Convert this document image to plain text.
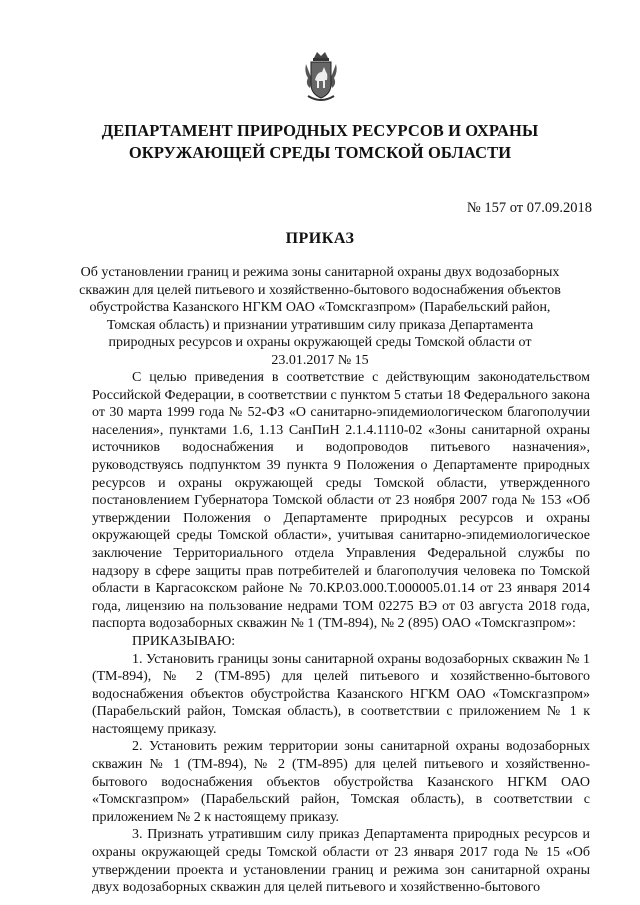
ДЕПАРТАМЕНТ ПРИРОДНЫХ РЕСУРСОВ И ОХРАНЫ ОКРУЖАЮЩЕЙ СРЕДЫ ТОМСКОЙ ОБЛАСТИ
№ 157 от 07.09.2018
ПРИКАЗ
Об установлении границ и режима зоны санитарной охраны двух водозаборных скважин для целей питьевого и хозяйственно-бытового водоснабжения объектов обустройства Казанского НГКМ ОАО «Томскгазпром» (Парабельский район, Томская область) и признании утратившим силу приказа Департамента природных ресурсов и охраны окружающей среды Томской области от 23.01.2017 № 15

С целью приведения в соответствие с действующим законодательством Российской Федерации, в соответствии с пунктом 5 статьи 18 Федерального закона от 30 марта 1999 года № 52-ФЗ «О санитарно-эпидемиологическом благополучии населения», пунктами 1.6, 1.13 СанПиН 2.1.4.1110-02 «Зоны санитарной охраны источников водоснабжения и водопроводов питьевого назначения», руководствуясь подпунктом 39 пункта 9 Положения о Департаменте природных ресурсов и охраны окружающей среды Томской области, утвержденного постановлением Губернатора Томской области от 23 ноября 2007 года № 153 «Об утверждении Положения о Департаменте природных ресурсов и охраны окружающей среды Томской области», учитывая санитарно-эпидемиологическое заключение Территориального отдела Управления Федеральной службы по надзору в сфере защиты прав потребителей и благополучия человека по Томской области в Каргасокском районе № 70.КР.03.000.Т.000005.01.14 от 23 января 2014 года, лицензию на пользование недрами ТОМ 02275 ВЭ от 03 августа 2018 года, паспорта водозаборных скважин № 1 (ТМ-894), № 2 (895) ОАО «Томскгазпром»:

ПРИКАЗЫВАЮ:

1. Установить границы зоны санитарной охраны водозаборных скважин № 1 (ТМ-894), № 2 (ТМ-895) для целей питьевого и хозяйственно-бытового водоснабжения объектов обустройства Казанского НГКМ ОАО «Томскгазпром» (Парабельский район, Томская область), в соответствии с приложением № 1 к настоящему приказу.

2. Установить режим территории зоны санитарной охраны водозаборных скважин № 1 (ТМ-894), № 2 (ТМ-895) для целей питьевого и хозяйственно-бытового водоснабжения объектов обустройства Казанского НГКМ ОАО «Томскгазпром» (Парабельский район, Томская область), в соответствии с приложением № 2 к настоящему приказу.

3. Признать утратившим силу приказ Департамента природных ресурсов и охраны окружающей среды Томской области от 23 января 2017 года № 15 «Об утверждении проекта и установлении границ и режима зон санитарной охраны двух водозаборных скважин для целей питьевого и хозяйственно-бытового
